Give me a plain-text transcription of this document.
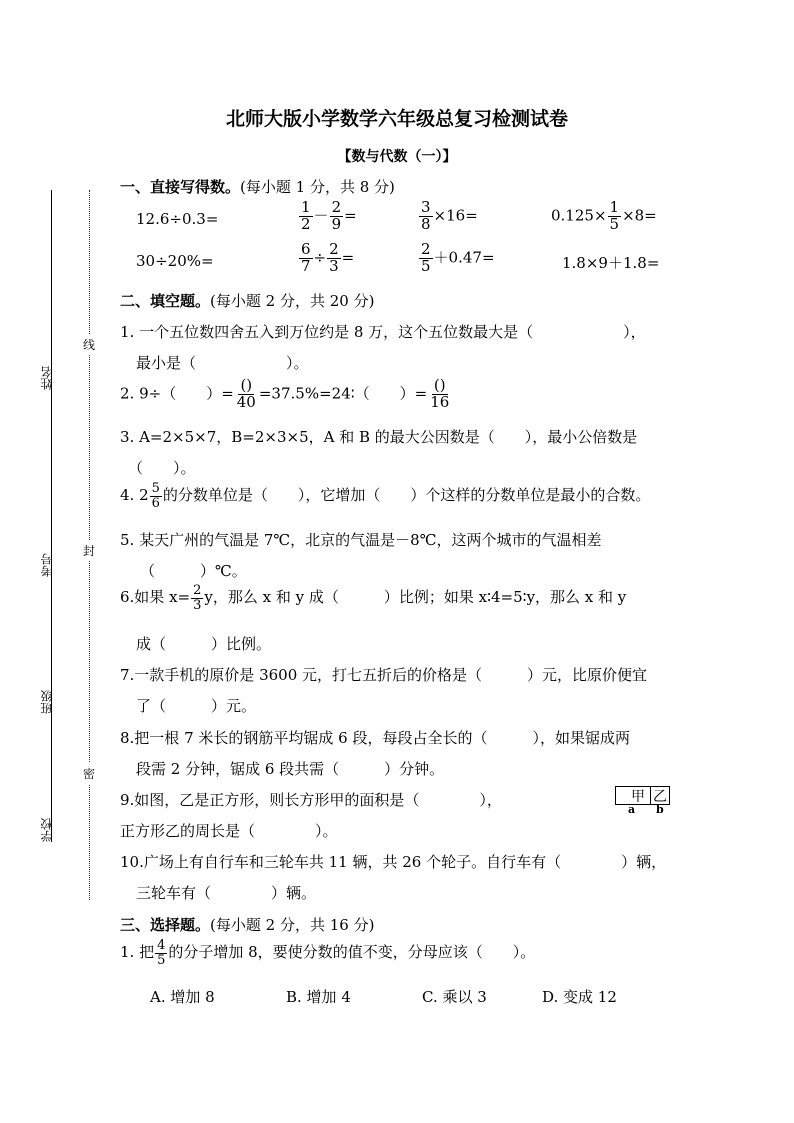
北师大版小学数学六年级总复习检测试卷
【数与代数（一）】
姓名
考号
班级
学校
线
封
密
一、直接写得数。(每小题 1 分，共 8 分)
12.6÷0.3=	$\frac{1}{2} - \frac{2}{9}$ =	$\frac{3}{8} \times 16=$	$0.125\times \frac{1}{5} \times 8=$
30÷20%=	$\frac{6}{7} \div \frac{2}{3}$ =	$\frac{2}{5} +0.47=$	1.8×9＋1.8=
二、填空题。(每小题 2 分，共 20 分)
1. 一个五位数四舍五入到万位约是 8 万，这个五位数最大是（　　　　　　），
最小是（　　　　　　）。
2. 9÷（　　）= $\frac{()}{40}$ =37.5%=24∶（　　）= $\frac{()}{16}$
3. A=2×5×7，B=2×3×5，A 和 B 的最大公因数是（　　），最小公倍数是
（　　）。
4. $2 \frac{5}{6}$ 的分数单位是（　　），它增加（　　）个这样的分数单位是最小的合数。
5. 某天广州的气温是 7℃，北京的气温是－8℃，这两个城市的气温相差
（　　　）℃。
6.如果 $x= \frac{2}{3}$ y，那么 x 和 y 成（　　　）比例；如果 x∶4=5∶y，那么 x 和 y
成（　　　）比例。
7.一款手机的原价是 3600 元，打七五折后的价格是（　　　）元，比原价便宜
了（　　　）元。
8.把一根 7 米长的钢筋平均锯成 6 段，每段占全长的（　　　），如果锯成两
段需 2 分钟，锯成 6 段共需（　　　）分钟。
9.如图，乙是正方形，则长方形甲的面积是（　　　　），
正方形乙的周长是（　　　　）。
甲 乙
a b
10.广场上有自行车和三轮车共 11 辆，共 26 个轮子。自行车有（　　　　）辆，
三轮车有（　　　　）辆。
三、选择题。(每小题 2 分，共 16 分)
1. 把 $\frac{4}{5}$ 的分子增加 8，要使分数的值不变，分母应该（　　）。
A. 增加 8	B. 增加 4	C. 乘以 3	D. 变成 12
